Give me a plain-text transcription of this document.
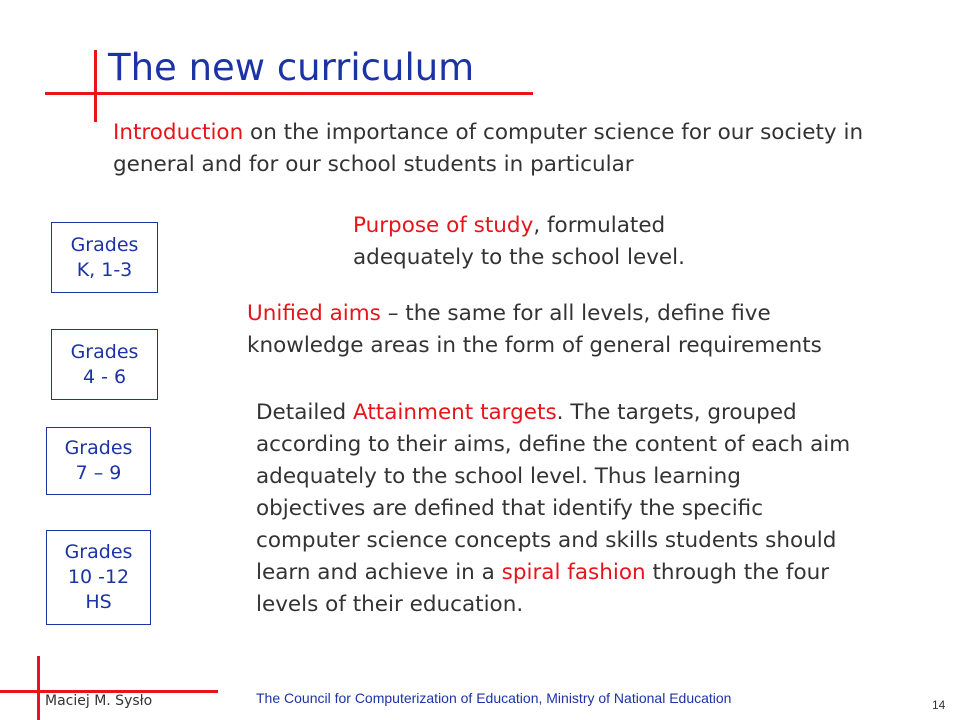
The new curriculum
Introduction on the importance of computer science for our society in general and for our school students in particular
Purpose of study, formulated adequately to the school level.
Unified aims – the same for all levels, define five knowledge areas in the form of general requirements
Detailed Attainment targets. The targets, grouped according to their aims, define the content of each aim adequately to the school level. Thus learning objectives are defined that identify the specific computer science concepts and skills students should learn and achieve in a spiral fashion through the four levels of their education.
Grades
K, 1-3
Grades
4 - 6
Grades
7 – 9
Grades
10 -12
HS
Maciej M. Sysło	The Council for Computerization of Education, Ministry of National Education	14
